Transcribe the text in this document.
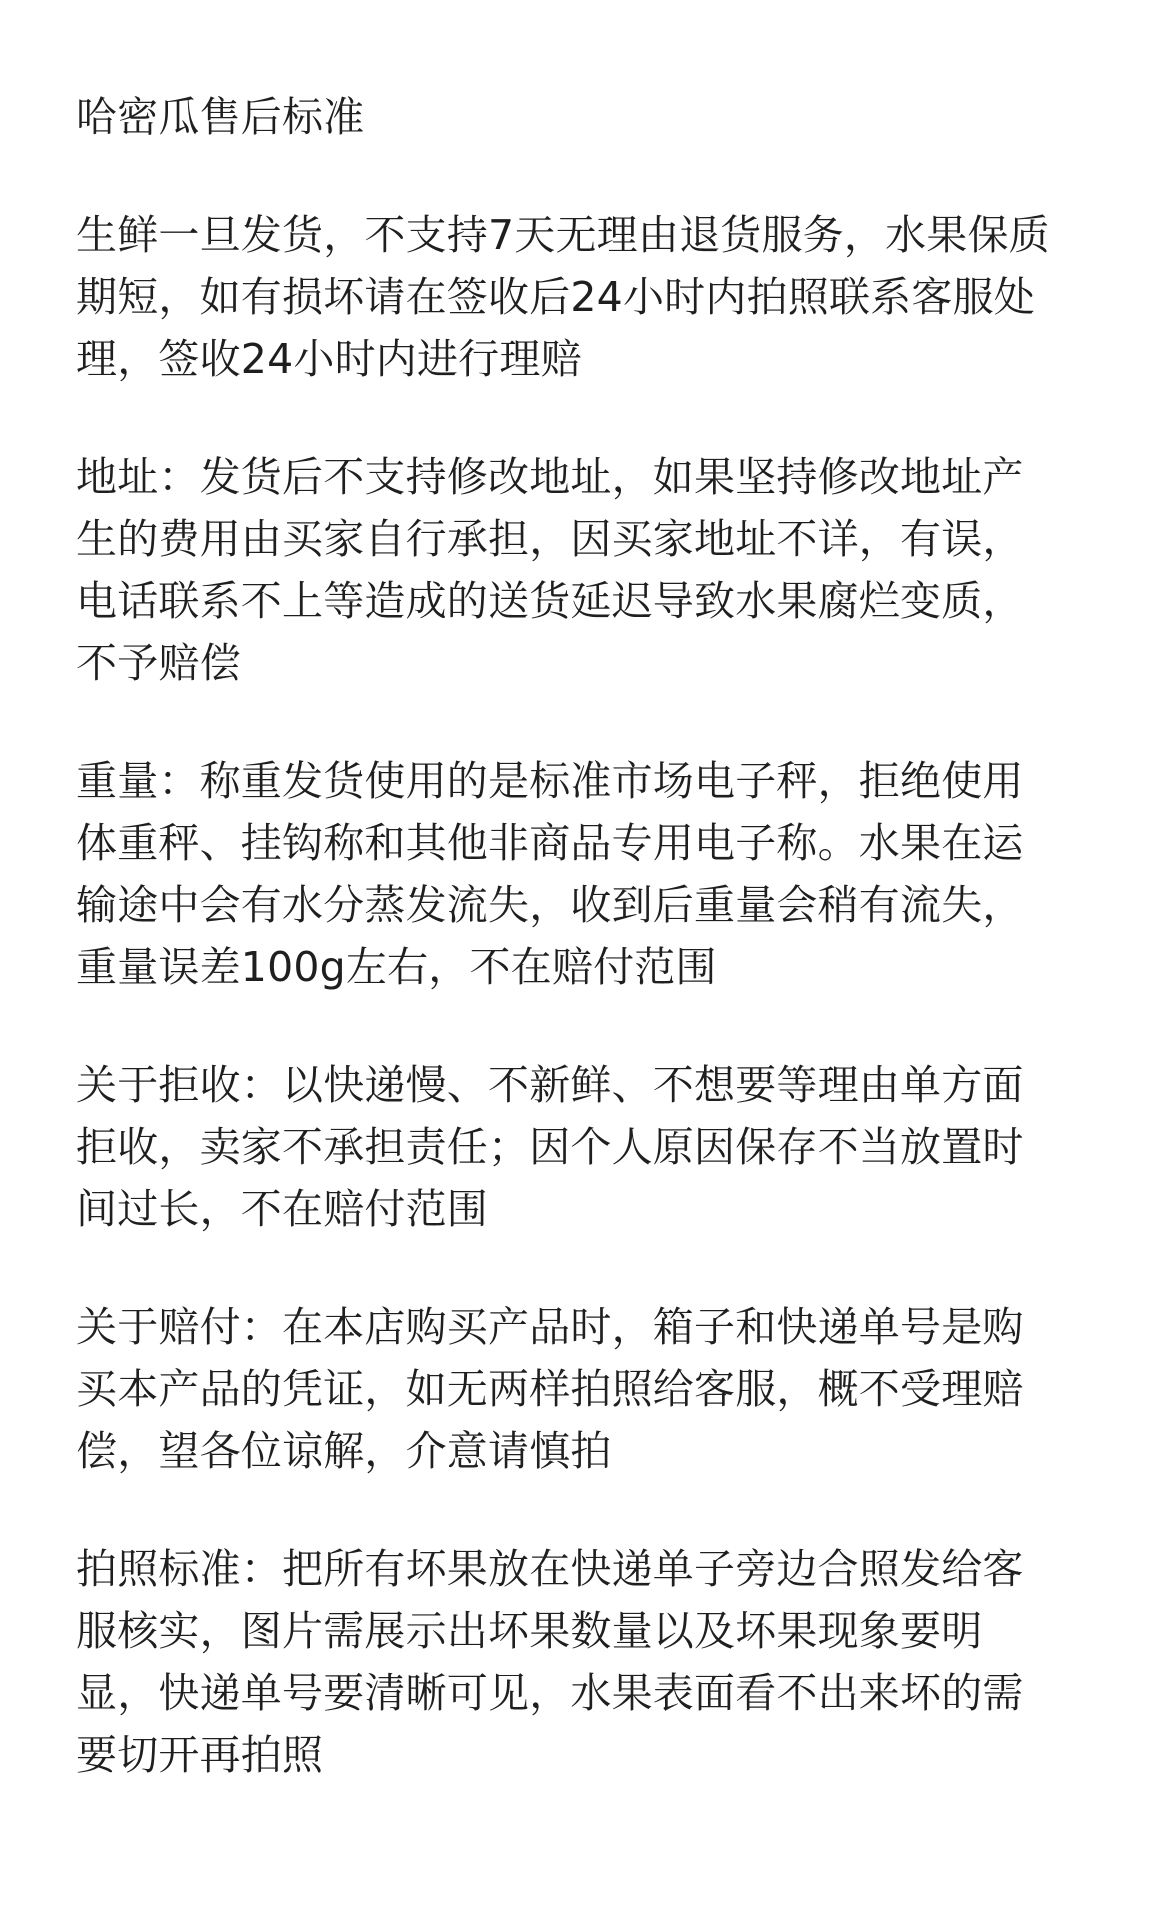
哈密瓜售后标准

生鲜一旦发货，不支持7天无理由退货服务，水果保质
期短，如有损坏请在签收后24小时内拍照联系客服处
理，签收24小时内进行理赔

地址：发货后不支持修改地址，如果坚持修改地址产
生的费用由买家自行承担，因买家地址不详，有误，
电话联系不上等造成的送货延迟导致水果腐烂变质，
不予赔偿

重量：称重发货使用的是标准市场电子秤，拒绝使用
体重秤、挂钩称和其他非商品专用电子称。水果在运
输途中会有水分蒸发流失，收到后重量会稍有流失，
重量误差100g左右，不在赔付范围

关于拒收：以快递慢、不新鲜、不想要等理由单方面
拒收，卖家不承担责任；因个人原因保存不当放置时
间过长，不在赔付范围

关于赔付：在本店购买产品时，箱子和快递单号是购
买本产品的凭证，如无两样拍照给客服，概不受理赔
偿，望各位谅解，介意请慎拍

拍照标准：把所有坏果放在快递单子旁边合照发给客
服核实，图片需展示出坏果数量以及坏果现象要明
显，快递单号要清晰可见，水果表面看不出来坏的需
要切开再拍照
